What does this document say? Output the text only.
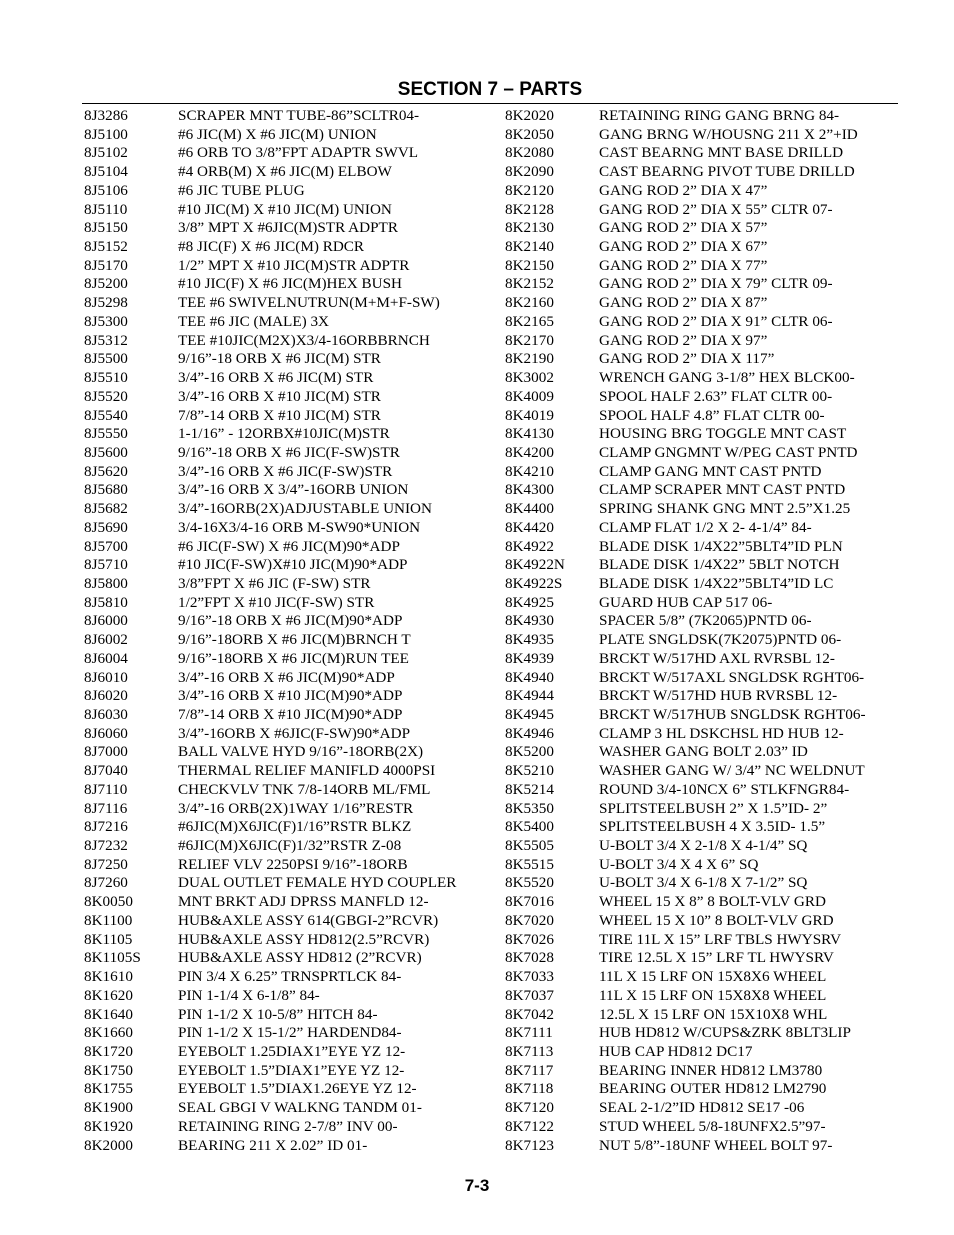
SECTION 7 – PARTS
8J3286	SCRAPER MNT TUBE-86”SCLTR04-
8J5100	#6 JIC(M) X #6 JIC(M) UNION
8J5102	#6 ORB TO 3/8”FPT ADAPTR SWVL
8J5104	#4 ORB(M) X #6 JIC(M) ELBOW
8J5106	#6 JIC TUBE PLUG
8J5110	#10 JIC(M) X #10 JIC(M) UNION
8J5150	3/8” MPT X #6JIC(M)STR ADPTR
8J5152	#8 JIC(F) X #6 JIC(M) RDCR
8J5170	1/2” MPT X #10 JIC(M)STR ADPTR
8J5200	#10 JIC(F) X #6 JIC(M)HEX BUSH
8J5298	TEE #6 SWIVELNUTRUN(M+M+F-SW)
8J5300	TEE #6 JIC (MALE) 3X
8J5312	TEE #10JIC(M2X)X3/4-16ORBBRNCH
8J5500	9/16”-18 ORB X #6 JIC(M) STR
8J5510	3/4”-16 ORB X #6 JIC(M) STR
8J5520	3/4”-16 ORB X #10 JIC(M) STR
8J5540	7/8”-14 ORB X #10 JIC(M) STR
8J5550	1-1/16” - 12ORBX#10JIC(M)STR
8J5600	9/16”-18 ORB X #6 JIC(F-SW)STR
8J5620	3/4”-16 ORB X #6 JIC(F-SW)STR
8J5680	3/4”-16 ORB X 3/4”-16ORB UNION
8J5682	3/4”-16ORB(2X)ADJUSTABLE UNION
8J5690	3/4-16X3/4-16 ORB M-SW90*UNION
8J5700	#6 JIC(F-SW) X #6 JIC(M)90*ADP
8J5710	#10 JIC(F-SW)X#10 JIC(M)90*ADP
8J5800	3/8”FPT X #6 JIC (F-SW) STR
8J5810	1/2”FPT X #10 JIC(F-SW) STR
8J6000	9/16”-18 ORB X #6 JIC(M)90*ADP
8J6002	9/16”-18ORB X #6 JIC(M)BRNCH T
8J6004	9/16”-18ORB X #6 JIC(M)RUN TEE
8J6010	3/4”-16 ORB X #6 JIC(M)90*ADP
8J6020	3/4”-16 ORB X #10 JIC(M)90*ADP
8J6030	7/8”-14 ORB X #10 JIC(M)90*ADP
8J6060	3/4”-16ORB X #6JIC(F-SW)90*ADP
8J7000	BALL VALVE HYD 9/16”-18ORB(2X)
8J7040	THERMAL RELIEF MANIFLD 4000PSI
8J7110	CHECKVLV TNK 7/8-14ORB ML/FML
8J7116	3/4”-16 ORB(2X)1WAY 1/16”RESTR
8J7216	#6JIC(M)X6JIC(F)1/16”RSTR BLKZ
8J7232	#6JIC(M)X6JIC(F)1/32”RSTR Z-08
8J7250	RELIEF VLV 2250PSI 9/16”-18ORB
8J7260	DUAL OUTLET FEMALE HYD COUPLER
8K0050	MNT BRKT ADJ DPRSS MANFLD 12-
8K1100	HUB&AXLE ASSY 614(GBGI-2”RCVR)
8K1105	HUB&AXLE ASSY HD812(2.5”RCVR)
8K1105S	HUB&AXLE ASSY HD812 (2”RCVR)
8K1610	PIN 3/4 X 6.25” TRNSPRTLCK 84-
8K1620	PIN 1-1/4 X 6-1/8” 84-
8K1640	PIN 1-1/2 X 10-5/8” HITCH 84-
8K1660	PIN 1-1/2 X 15-1/2” HARDEND84-
8K1720	EYEBOLT 1.25DIAX1”EYE YZ 12-
8K1750	EYEBOLT 1.5”DIAX1”EYE YZ 12-
8K1755	EYEBOLT 1.5”DIAX1.26EYE YZ 12-
8K1900	SEAL GBGI V WALKNG TANDM 01-
8K1920	RETAINING RING 2-7/8” INV 00-
8K2000	BEARING 211 X 2.02” ID 01-
8K2020	RETAINING RING GANG BRNG 84-
8K2050	GANG BRNG W/HOUSNG 211 X 2”+ID
8K2080	CAST BEARNG MNT BASE DRILLD
8K2090	CAST BEARNG PIVOT TUBE DRILLD
8K2120	GANG ROD 2” DIA X 47”
8K2128	GANG ROD 2” DIA X 55” CLTR 07-
8K2130	GANG ROD 2” DIA X 57”
8K2140	GANG ROD 2” DIA X 67”
8K2150	GANG ROD 2” DIA X 77”
8K2152	GANG ROD 2” DIA X 79” CLTR 09-
8K2160	GANG ROD 2” DIA X 87”
8K2165	GANG ROD 2” DIA X 91” CLTR 06-
8K2170	GANG ROD 2” DIA X 97”
8K2190	GANG ROD 2” DIA X 117”
8K3002	WRENCH GANG 3-1/8” HEX BLCK00-
8K4009	SPOOL HALF 2.63” FLAT CLTR 00-
8K4019	SPOOL HALF 4.8” FLAT CLTR 00-
8K4130	HOUSING BRG TOGGLE MNT CAST
8K4200	CLAMP GNGMNT W/PEG CAST PNTD
8K4210	CLAMP GANG MNT CAST PNTD
8K4300	CLAMP SCRAPER MNT CAST PNTD
8K4400	SPRING SHANK GNG MNT 2.5”X1.25
8K4420	CLAMP FLAT 1/2 X 2- 4-1/4” 84-
8K4922	BLADE DISK 1/4X22”5BLT4”ID PLN
8K4922N	BLADE DISK 1/4X22” 5BLT NOTCH
8K4922S	BLADE DISK 1/4X22”5BLT4”ID LC
8K4925	GUARD HUB CAP 517 06-
8K4930	SPACER 5/8” (7K2065)PNTD 06-
8K4935	PLATE SNGLDSK(7K2075)PNTD 06-
8K4939	BRCKT W/517HD AXL RVRSBL 12-
8K4940	BRCKT W/517AXL SNGLDSK RGHT06-
8K4944	BRCKT W/517HD HUB RVRSBL 12-
8K4945	BRCKT W/517HUB SNGLDSK RGHT06-
8K4946	CLAMP 3 HL DSKCHSL HD HUB 12-
8K5200	WASHER GANG BOLT 2.03” ID
8K5210	WASHER GANG W/ 3/4” NC WELDNUT
8K5214	ROUND 3/4-10NCX 6” STLKFNGR84-
8K5350	SPLITSTEELBUSH 2” X 1.5”ID- 2”
8K5400	SPLITSTEELBUSH 4 X 3.5ID- 1.5”
8K5505	U-BOLT 3/4 X 2-1/8 X 4-1/4” SQ
8K5515	U-BOLT 3/4 X 4 X 6” SQ
8K5520	U-BOLT 3/4 X 6-1/8 X 7-1/2” SQ
8K7016	WHEEL 15 X 8” 8 BOLT-VLV GRD
8K7020	WHEEL 15 X 10” 8 BOLT-VLV GRD
8K7026	TIRE 11L X 15” LRF TBLS HWYSRV
8K7028	TIRE 12.5L X 15” LRF TL HWYSRV
8K7033	11L X 15 LRF ON 15X8X6 WHEEL
8K7037	11L X 15 LRF ON 15X8X8 WHEEL
8K7042	12.5L X 15 LRF ON 15X10X8 WHL
8K7111	HUB HD812 W/CUPS&ZRK 8BLT3LIP
8K7113	HUB CAP HD812 DC17
8K7117	BEARING INNER HD812 LM3780
8K7118	BEARING OUTER HD812 LM2790
8K7120	SEAL 2-1/2”ID HD812 SE17 -06
8K7122	STUD WHEEL 5/8-18UNFX2.5”97-
8K7123	NUT 5/8”-18UNF WHEEL BOLT 97-
7-3
